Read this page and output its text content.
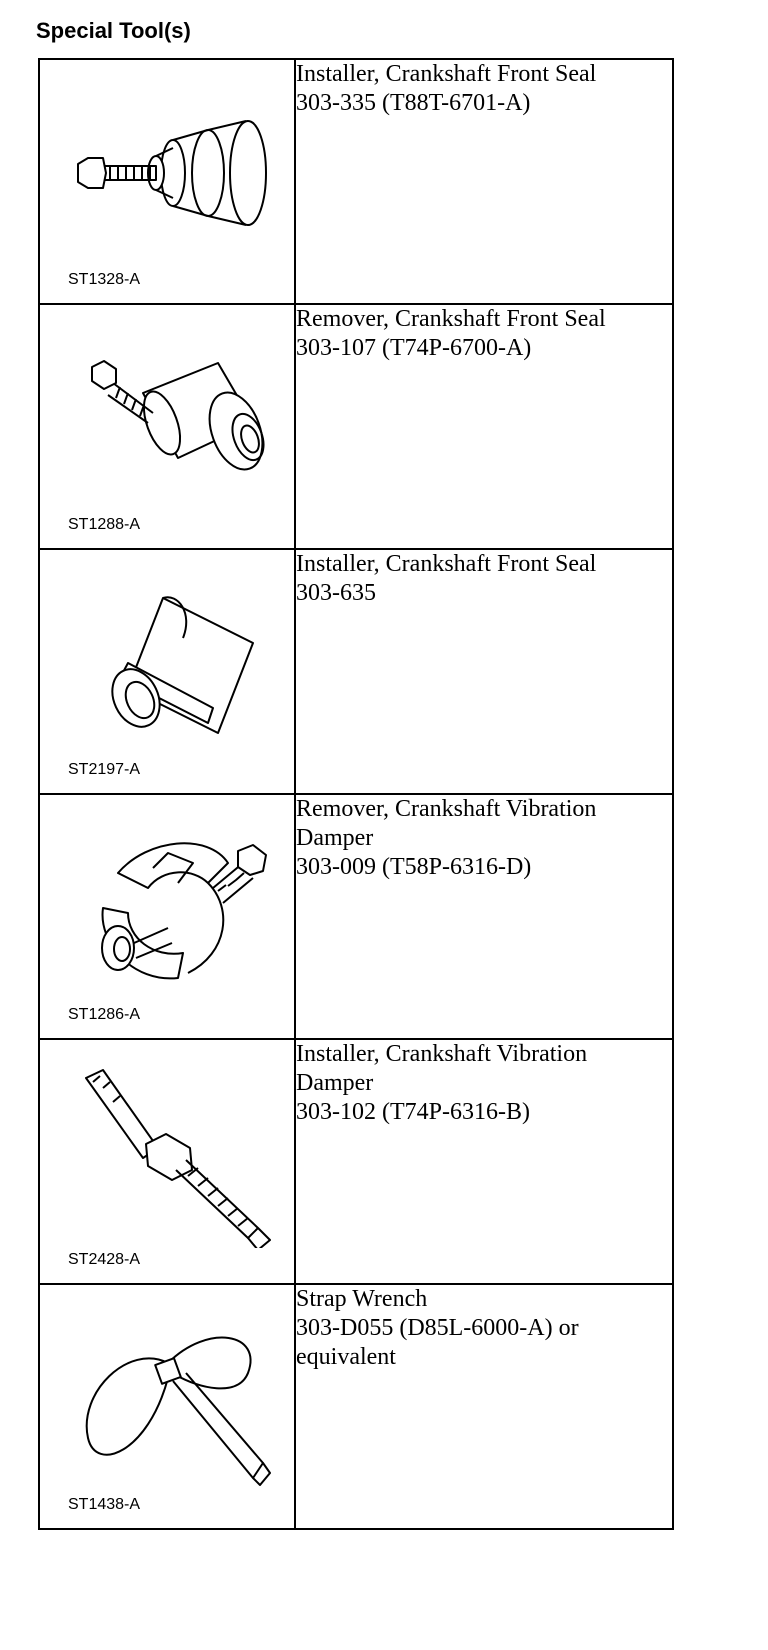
Special Tool(s)
ST1328-A	Installer, Crankshaft Front Seal
303-335 (T88T-6701-A)

ST1288-A	Remover, Crankshaft Front Seal
303-107 (T74P-6700-A)

ST2197-A	Installer, Crankshaft Front Seal
303-635

ST1286-A	Remover, Crankshaft Vibration
Damper
303-009 (T58P-6316-D)

ST2428-A	Installer, Crankshaft Vibration
Damper
303-102 (T74P-6316-B)

ST1438-A	Strap Wrench
303-D055 (D85L-6000-A) or
equivalent
